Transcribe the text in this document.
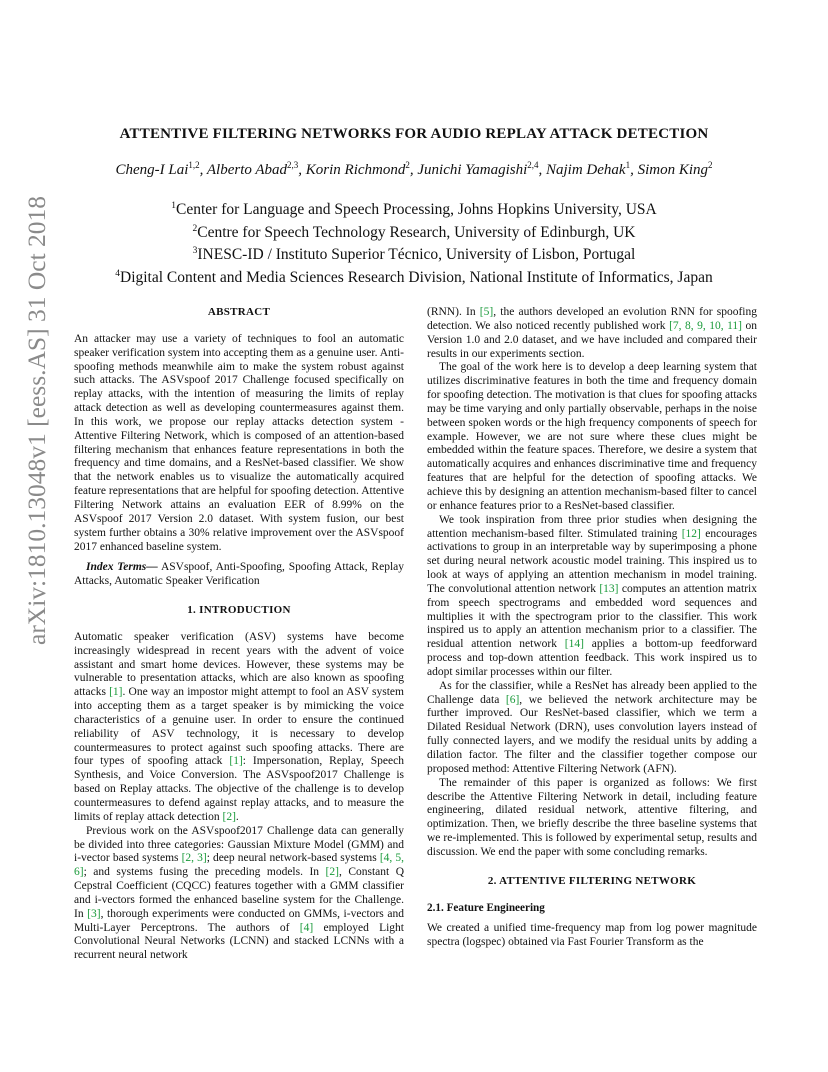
arXiv:1810.13048v1 [eess.AS] 31 Oct 2018
ATTENTIVE FILTERING NETWORKS FOR AUDIO REPLAY ATTACK DETECTION
Cheng-I Lai$^{1,2}$, Alberto Abad$^{2,3}$, Korin Richmond$^2$, Junichi Yamagishi$^{2,4}$, Najim Dehak$^1$, Simon King$^2$
$^1$Center for Language and Speech Processing, Johns Hopkins University, USA
$^2$Centre for Speech Technology Research, University of Edinburgh, UK
$^3$INESC-ID / Instituto Superior Técnico, University of Lisbon, Portugal
$^4$Digital Content and Media Sciences Research Division, National Institute of Informatics, Japan
ABSTRACT

An attacker may use a variety of techniques to fool an automatic speaker verification system into accepting them as a genuine user. Anti-spoofing methods meanwhile aim to make the system robust against such attacks. The ASVspoof 2017 Challenge focused specifically on replay attacks, with the intention of measuring the limits of replay attack detection as well as developing countermeasures against them. In this work, we propose our replay attacks detection system - Attentive Filtering Network, which is composed of an attention-based filtering mechanism that enhances feature representations in both the frequency and time domains, and a ResNet-based classifier. We show that the network enables us to visualize the automatically acquired feature representations that are helpful for spoofing detection. Attentive Filtering Network attains an evaluation EER of 8.99% on the ASVspoof 2017 Version 2.0 dataset. With system fusion, our best system further obtains a 30% relative improvement over the ASVspoof 2017 enhanced baseline system.

Index Terms— ASVspoof, Anti-Spoofing, Spoofing Attack, Replay Attacks, Automatic Speaker Verification

1. INTRODUCTION

Automatic speaker verification (ASV) systems have become increasingly widespread in recent years with the advent of voice assistant and smart home devices. However, these systems may be vulnerable to presentation attacks, which are also known as spoofing attacks [1]. One way an impostor might attempt to fool an ASV system into accepting them as a target speaker is by mimicking the voice characteristics of a genuine user. In order to ensure the continued reliability of ASV technology, it is necessary to develop countermeasures to protect against such spoofing attacks. There are four types of spoofing attack [1]: Impersonation, Replay, Speech Synthesis, and Voice Conversion. The ASVspoof2017 Challenge is based on Replay attacks. The objective of the challenge is to develop countermeasures to defend against replay attacks, and to measure the limits of replay attack detection [2].

Previous work on the ASVspoof2017 Challenge data can generally be divided into three categories: Gaussian Mixture Model (GMM) and i-vector based systems [2, 3]; deep neural network-based systems [4, 5, 6]; and systems fusing the preceding models. In [2], Constant Q Cepstral Coefficient (CQCC) features together with a GMM classifier and i-vectors formed the enhanced baseline system for the Challenge. In [3], thorough experiments were conducted on GMMs, i-vectors and Multi-Layer Perceptrons. The authors of [4] employed Light Convolutional Neural Networks (LCNN) and stacked LCNNs with a recurrent neural network

(RNN). In [5], the authors developed an evolution RNN for spoofing detection. We also noticed recently published work [7, 8, 9, 10, 11] on Version 1.0 and 2.0 dataset, and we have included and compared their results in our experiments section.

The goal of the work here is to develop a deep learning system that utilizes discriminative features in both the time and frequency domain for spoofing detection. The motivation is that clues for spoofing attacks may be time varying and only partially observable, perhaps in the noise between spoken words or the high frequency components of speech for example. However, we are not sure where these clues might be embedded within the feature spaces. Therefore, we desire a system that automatically acquires and enhances discriminative time and frequency features that are helpful for the detection of spoofing attacks. We achieve this by designing an attention mechanism-based filter to cancel or enhance features prior to a ResNet-based classifier.

We took inspiration from three prior studies when designing the attention mechanism-based filter. Stimulated training [12] encourages activations to group in an interpretable way by superimposing a phone set during neural network acoustic model training. This inspired us to look at ways of applying an attention mechanism in model training. The convolutional attention network [13] computes an attention matrix from speech spectrograms and embedded word sequences and multiplies it with the spectrogram prior to the classifier. This work inspired us to apply an attention mechanism prior to a classifier. The residual attention network [14] applies a bottom-up feedforward process and top-down attention feedback. This work inspired us to adopt similar processes within our filter.

As for the classifier, while a ResNet has already been applied to the Challenge data [6], we believed the network architecture may be further improved. Our ResNet-based classifier, which we term a Dilated Residual Network (DRN), uses convolution layers instead of fully connected layers, and we modify the residual units by adding a dilation factor. The filter and the classifier together compose our proposed method: Attentive Filtering Network (AFN).

The remainder of this paper is organized as follows: We first describe the Attentive Filtering Network in detail, including feature engineering, dilated residual network, attentive filtering, and optimization. Then, we briefly describe the three baseline systems that we re-implemented. This is followed by experimental setup, results and discussion. We end the paper with some concluding remarks.

2. ATTENTIVE FILTERING NETWORK
2.1. Feature Engineering

We created a unified time-frequency map from log power magnitude spectra (logspec) obtained via Fast Fourier Transform as the
